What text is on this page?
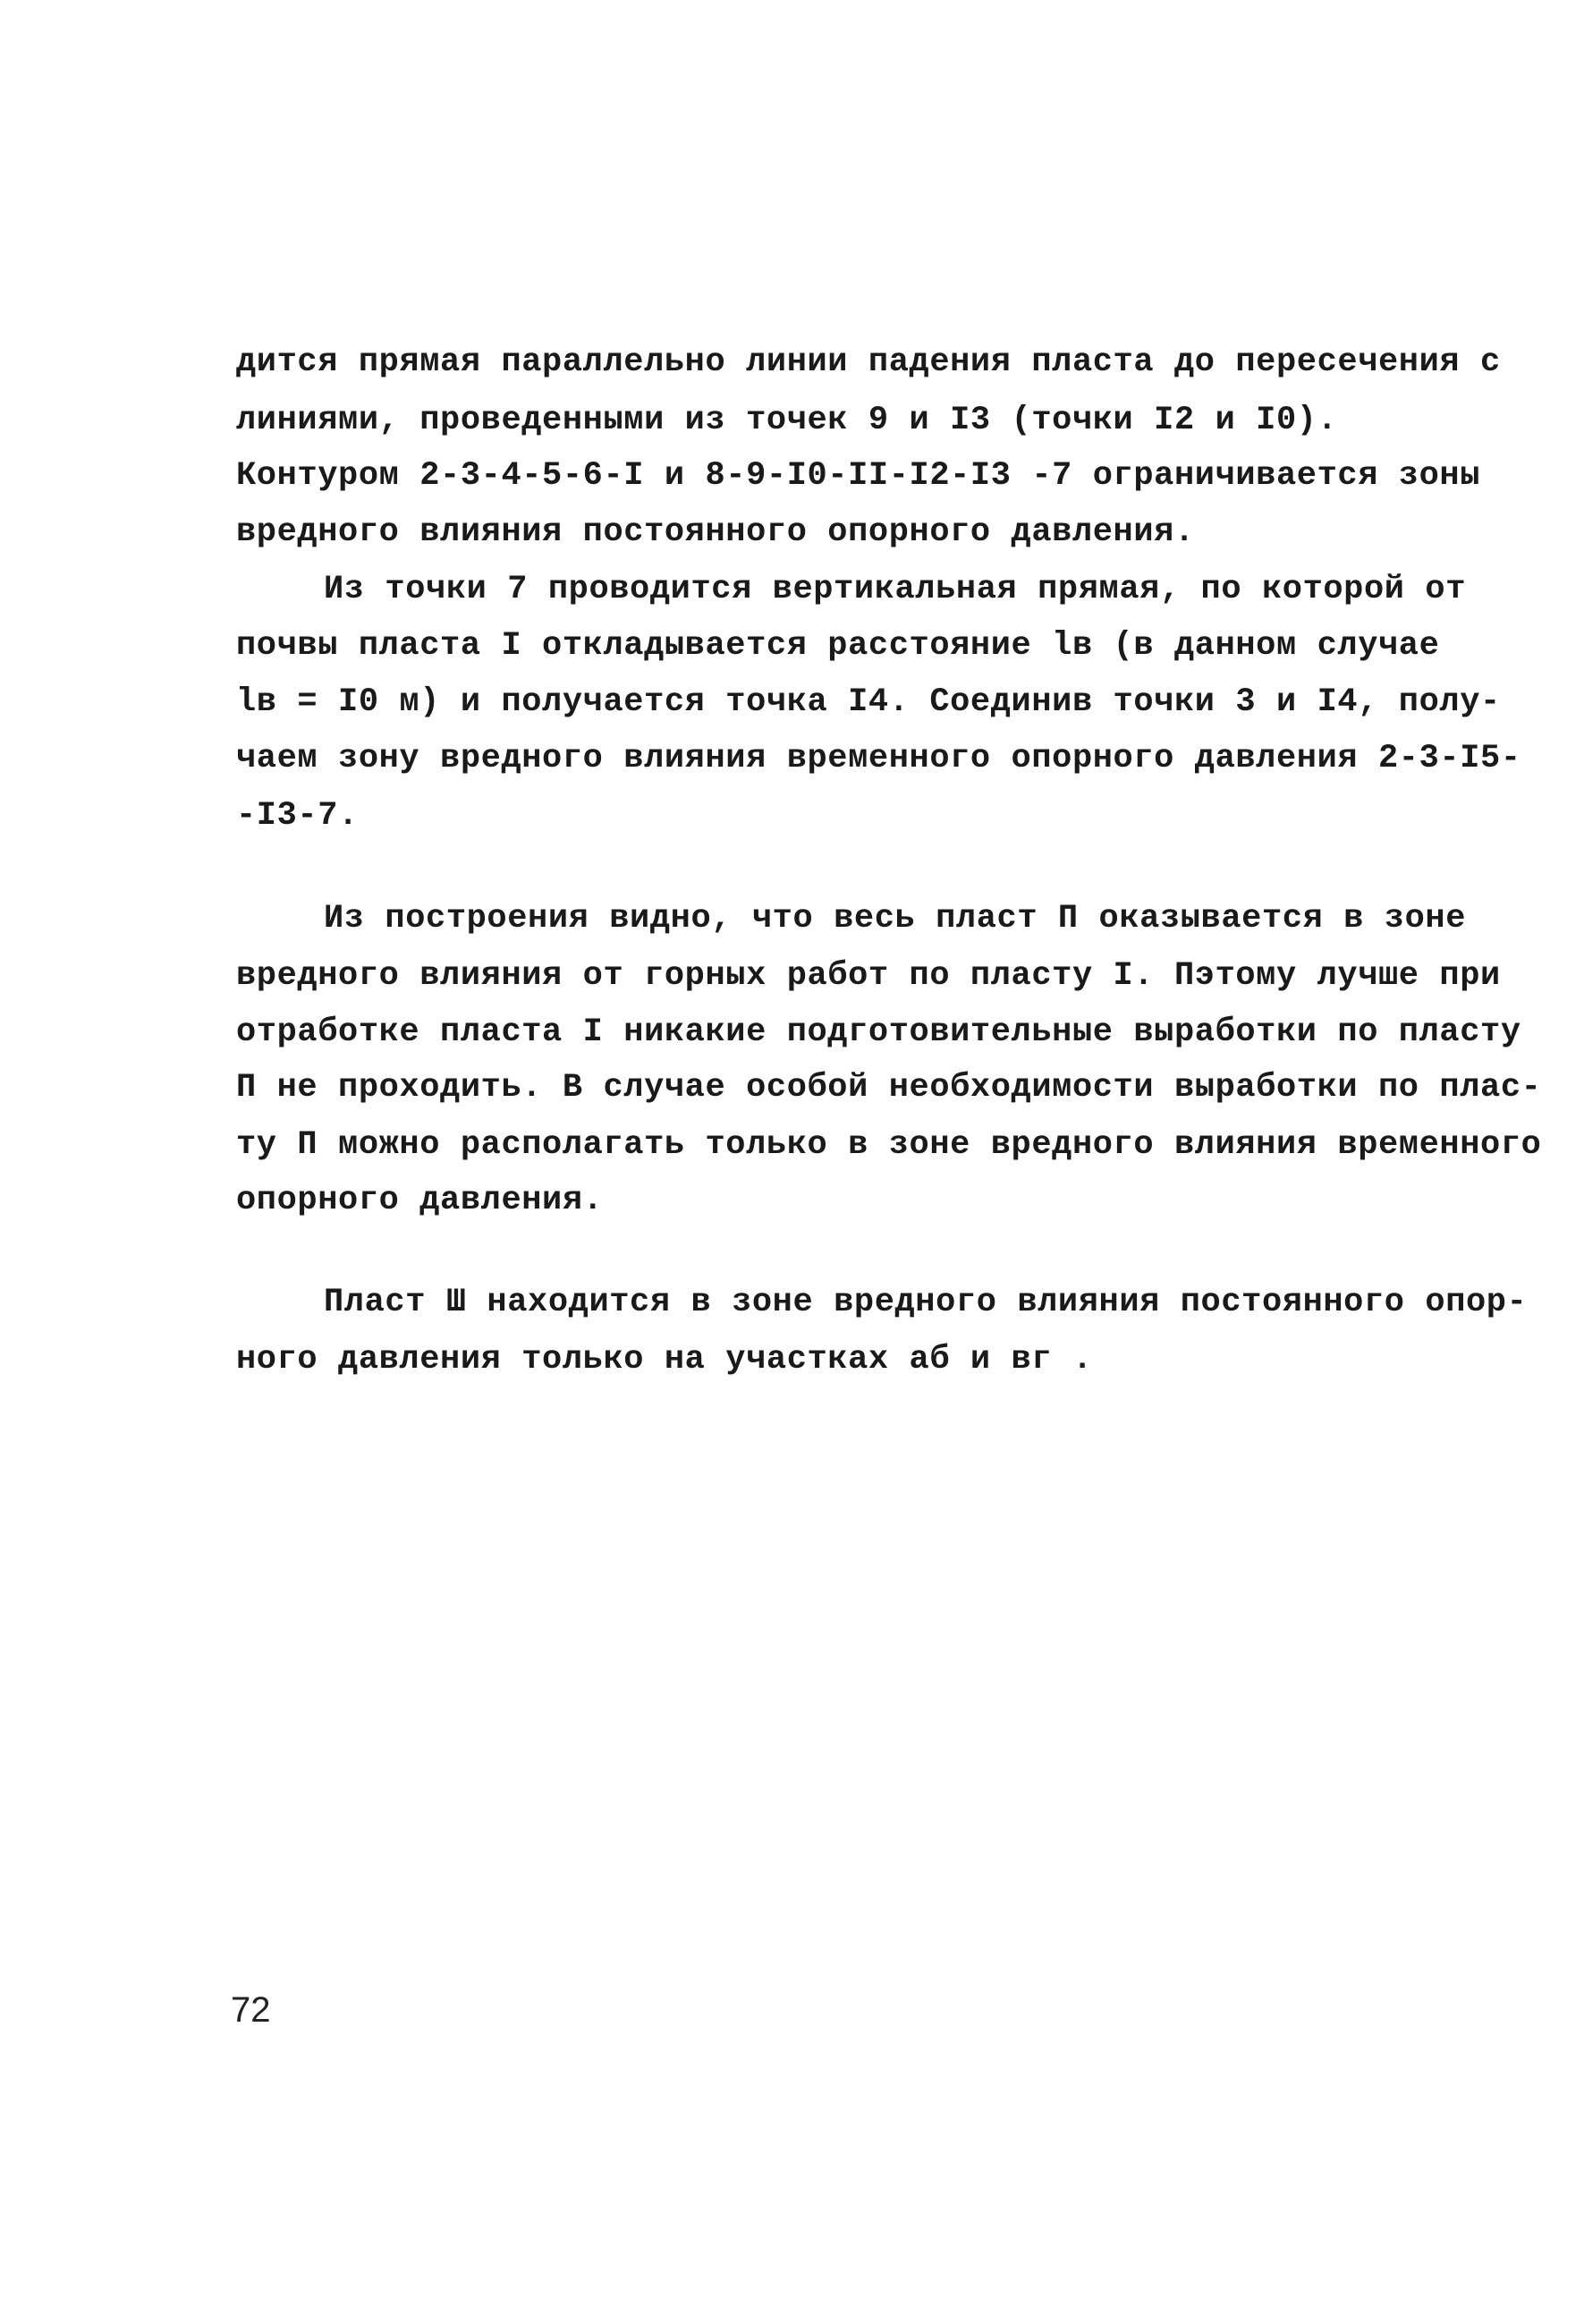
дится прямая параллельно линии падения пласта до пересечения с
линиями, проведенными из точек 9 и I3 (точки I2 и I0).
Контуром 2-3-4-5-6-I и 8-9-I0-II-I2-I3 -7 ограничивается зоны
вредного влияния постоянного опорного давления.
Из точки 7 проводится вертикальная прямая, по которой от
почвы пласта I откладывается расстояние lв (в данном случае
lв = I0 м) и получается точка I4. Соединив точки 3 и I4, полу-
чаем зону вредного влияния временного опорного давления 2-3-I5-
-I3-7.
Из построения видно, что весь пласт П оказывается в зоне
вредного влияния от горных работ по пласту I. Пэтому лучше при
отработке пласта I никакие подготовительные выработки по пласту
П не проходить. В случае особой необходимости выработки по плас-
ту П можно располагать только в зоне вредного влияния временного
опорного давления.
Пласт Ш находится в зоне вредного влияния постоянного опор-
ного давления только на участках аб и вг .
72
